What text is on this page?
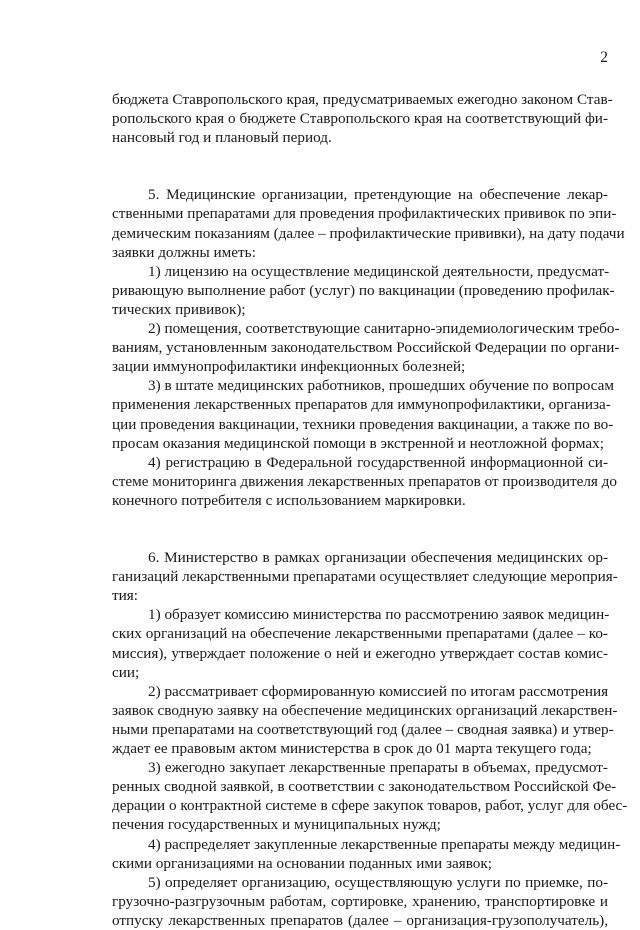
2
бюджета Ставропольского края, предусматриваемых ежегодно законом Став-
ропольского края о бюджете Ставропольского края на соответствующий фи-
нансовый год и плановый период.
5. Медицинские организации, претендующие на обеспечение лекар-
ственными препаратами для проведения профилактических прививок по эпи-
демическим показаниям (далее – профилактические прививки), на дату подачи
заявки должны иметь:
1) лицензию на осуществление медицинской деятельности, предусмат-
ривающую выполнение работ (услуг) по вакцинации (проведению профилак-
тических прививок);
2) помещения, соответствующие санитарно-эпидемиологическим требо-
ваниям, установленным законодательством Российской Федерации по органи-
зации иммунопрофилактики инфекционных болезней;
3) в штате медицинских работников, прошедших обучение по вопросам
применения лекарственных препаратов для иммунопрофилактики, организа-
ции проведения вакцинации, техники проведения вакцинации, а также по во-
просам оказания медицинской помощи в экстренной и неотложной формах;
4) регистрацию в Федеральной государственной информационной си-
стеме мониторинга движения лекарственных препаратов от производителя до
конечного потребителя с использованием маркировки.
6. Министерство в рамках организации обеспечения медицинских ор-
ганизаций лекарственными препаратами осуществляет следующие мероприя-
тия:
1) образует комиссию министерства по рассмотрению заявок медицин-
ских организаций на обеспечение лекарственными препаратами (далее – ко-
миссия), утверждает положение о ней и ежегодно утверждает состав комис-
сии;
2) рассматривает сформированную комиссией по итогам рассмотрения
заявок сводную заявку на обеспечение медицинских организаций лекарствен-
ными препаратами на соответствующий год (далее – сводная заявка) и утвер-
ждает ее правовым актом министерства в срок до 01 марта текущего года;
3) ежегодно закупает лекарственные препараты в объемах, предусмот-
ренных сводной заявкой, в соответствии с законодательством Российской Фе-
дерации о контрактной системе в сфере закупок товаров, работ, услуг для обес-
печения государственных и муниципальных нужд;
4) распределяет закупленные лекарственные препараты между медицин-
скими организациями на основании поданных ими заявок;
5) определяет организацию, осуществляющую услуги по приемке, по-
грузочно-разгрузочным работам, сортировке, хранению, транспортировке и
отпуску лекарственных препаратов (далее – организация-грузополучатель),
